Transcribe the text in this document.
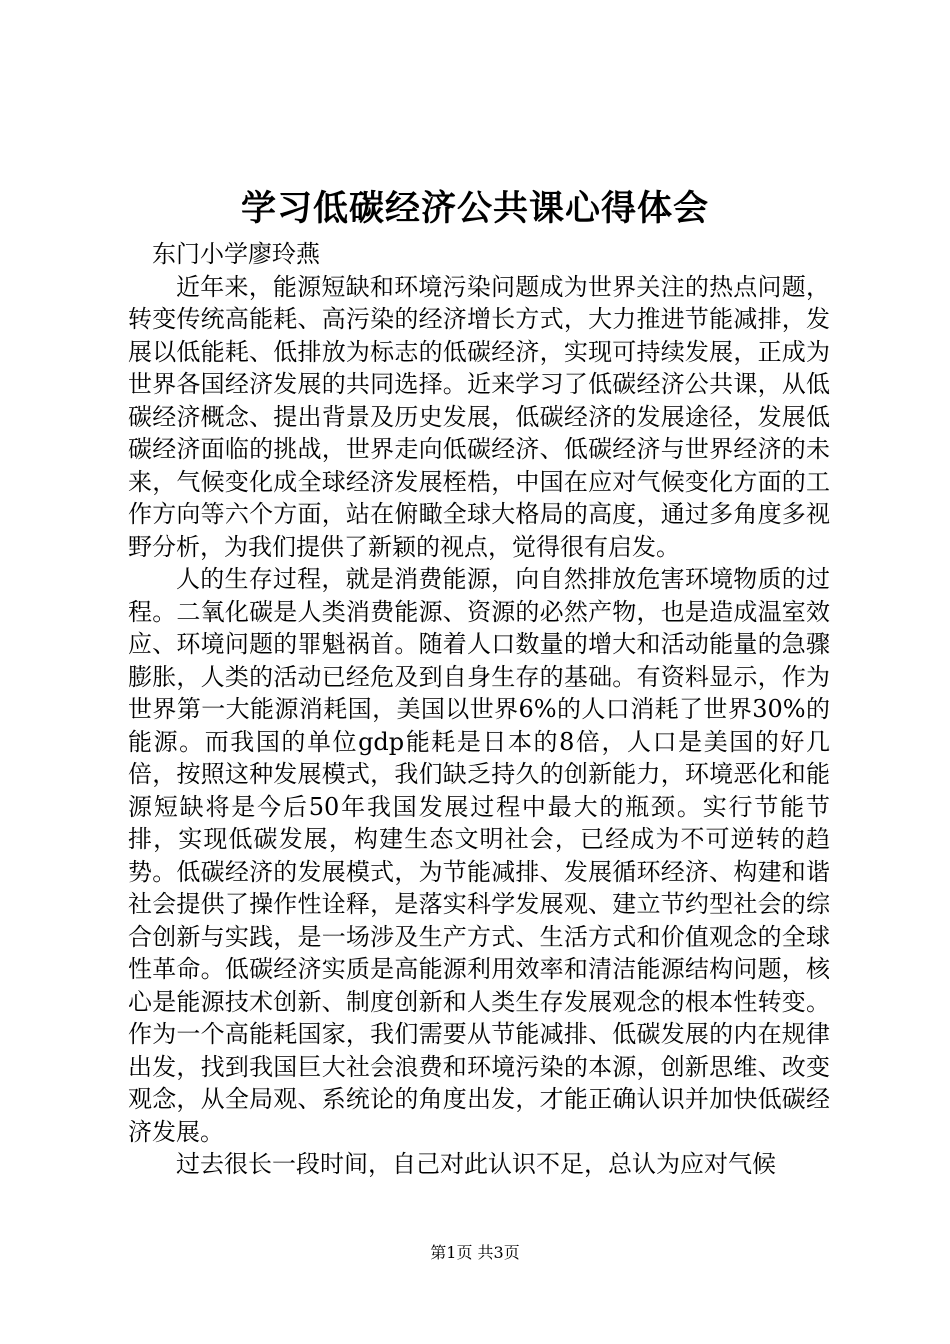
学习低碳经济公共课心得体会

东门小学廖玲燕

近年来，能源短缺和环境污染问题成为世界关注的热点问题，转变传统高能耗、高污染的经济增长方式，大力推进节能减排，发展以低能耗、低排放为标志的低碳经济，实现可持续发展，正成为世界各国经济发展的共同选择。近来学习了低碳经济公共课，从低碳经济概念、提出背景及历史发展，低碳经济的发展途径，发展低碳经济面临的挑战，世界走向低碳经济、低碳经济与世界经济的未来，气候变化成全球经济发展桎梏，中国在应对气候变化方面的工作方向等六个方面，站在俯瞰全球大格局的高度，通过多角度多视野分析，为我们提供了新颖的视点，觉得很有启发。

人的生存过程，就是消费能源，向自然排放危害环境物质的过程。二氧化碳是人类消费能源、资源的必然产物，也是造成温室效应、环境问题的罪魁祸首。随着人口数量的增大和活动能量的急骤膨胀，人类的活动已经危及到自身生存的基础。有资料显示，作为世界第一大能源消耗国，美国以世界6%的人口消耗了世界30%的能源。而我国的单位gdp能耗是日本的8倍，人口是美国的好几倍，按照这种发展模式，我们缺乏持久的创新能力，环境恶化和能源短缺将是今后50年我国发展过程中最大的瓶颈。实行节能节排，实现低碳发展，构建生态文明社会，已经成为不可逆转的趋势。低碳经济的发展模式，为节能减排、发展循环经济、构建和谐社会提供了操作性诠释，是落实科学发展观、建立节约型社会的综合创新与实践，是一场涉及生产方式、生活方式和价值观念的全球性革命。低碳经济实质是高能源利用效率和清洁能源结构问题，核心是能源技术创新、制度创新和人类生存发展观念的根本性转变。作为一个高能耗国家，我们需要从节能减排、低碳发展的内在规律出发，找到我国巨大社会浪费和环境污染的本源，创新思维、改变观念，从全局观、系统论的角度出发，才能正确认识并加快低碳经济发展。

过去很长一段时间，自己对此认识不足，总认为应对气候

第1页 共3页
